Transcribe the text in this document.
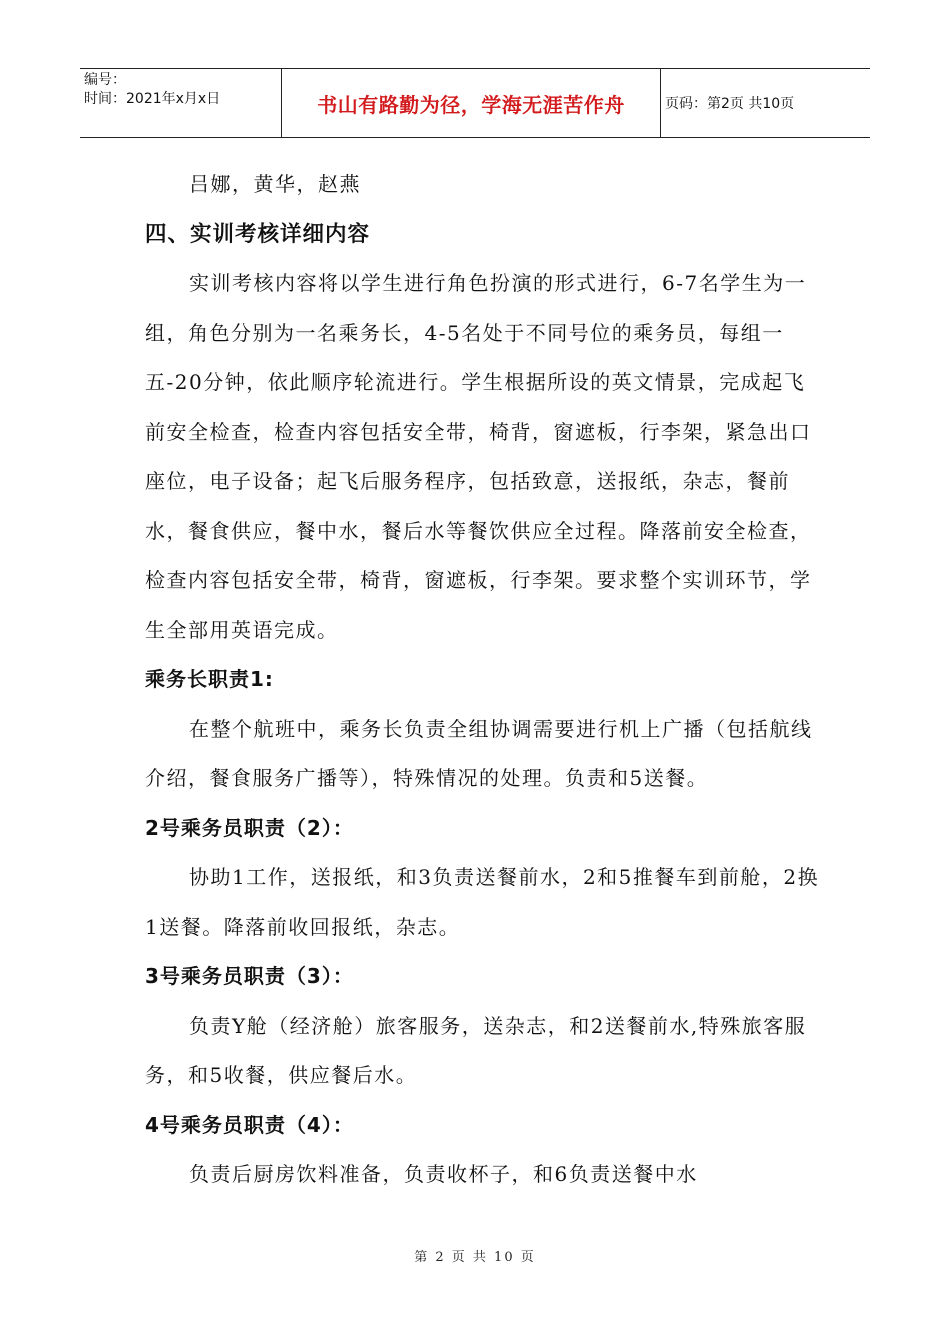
编号：
时间：2021年x月x日	书山有路勤为径，学海无涯苦作舟	页码：第2页 共10页

吕娜，黄华，赵燕

四、实训考核详细内容

实训考核内容将以学生进行角色扮演的形式进行，6-7名学生为一组，角色分别为一名乘务长，4-5名处于不同号位的乘务员，每组一五-20分钟，依此顺序轮流进行。学生根据所设的英文情景，完成起飞前安全检查，检查内容包括安全带，椅背，窗遮板，行李架，紧急出口座位，电子设备；起飞后服务程序，包括致意，送报纸，杂志，餐前水，餐食供应，餐中水，餐后水等餐饮供应全过程。降落前安全检查，检查内容包括安全带，椅背，窗遮板，行李架。要求整个实训环节，学生全部用英语完成。

乘务长职责1:

在整个航班中，乘务长负责全组协调需要进行机上广播（包括航线介绍，餐食服务广播等），特殊情况的处理。负责和5送餐。

2号乘务员职责（2）：

协助1工作，送报纸，和3负责送餐前水，2和5推餐车到前舱，2换1送餐。降落前收回报纸，杂志。

3号乘务员职责（3）：

负责Y舱（经济舱）旅客服务，送杂志，和2送餐前水,特殊旅客服务，和5收餐，供应餐后水。

4号乘务员职责（4）：

负责后厨房饮料准备，负责收杯子，和6负责送餐中水

第 2 页 共 10 页
